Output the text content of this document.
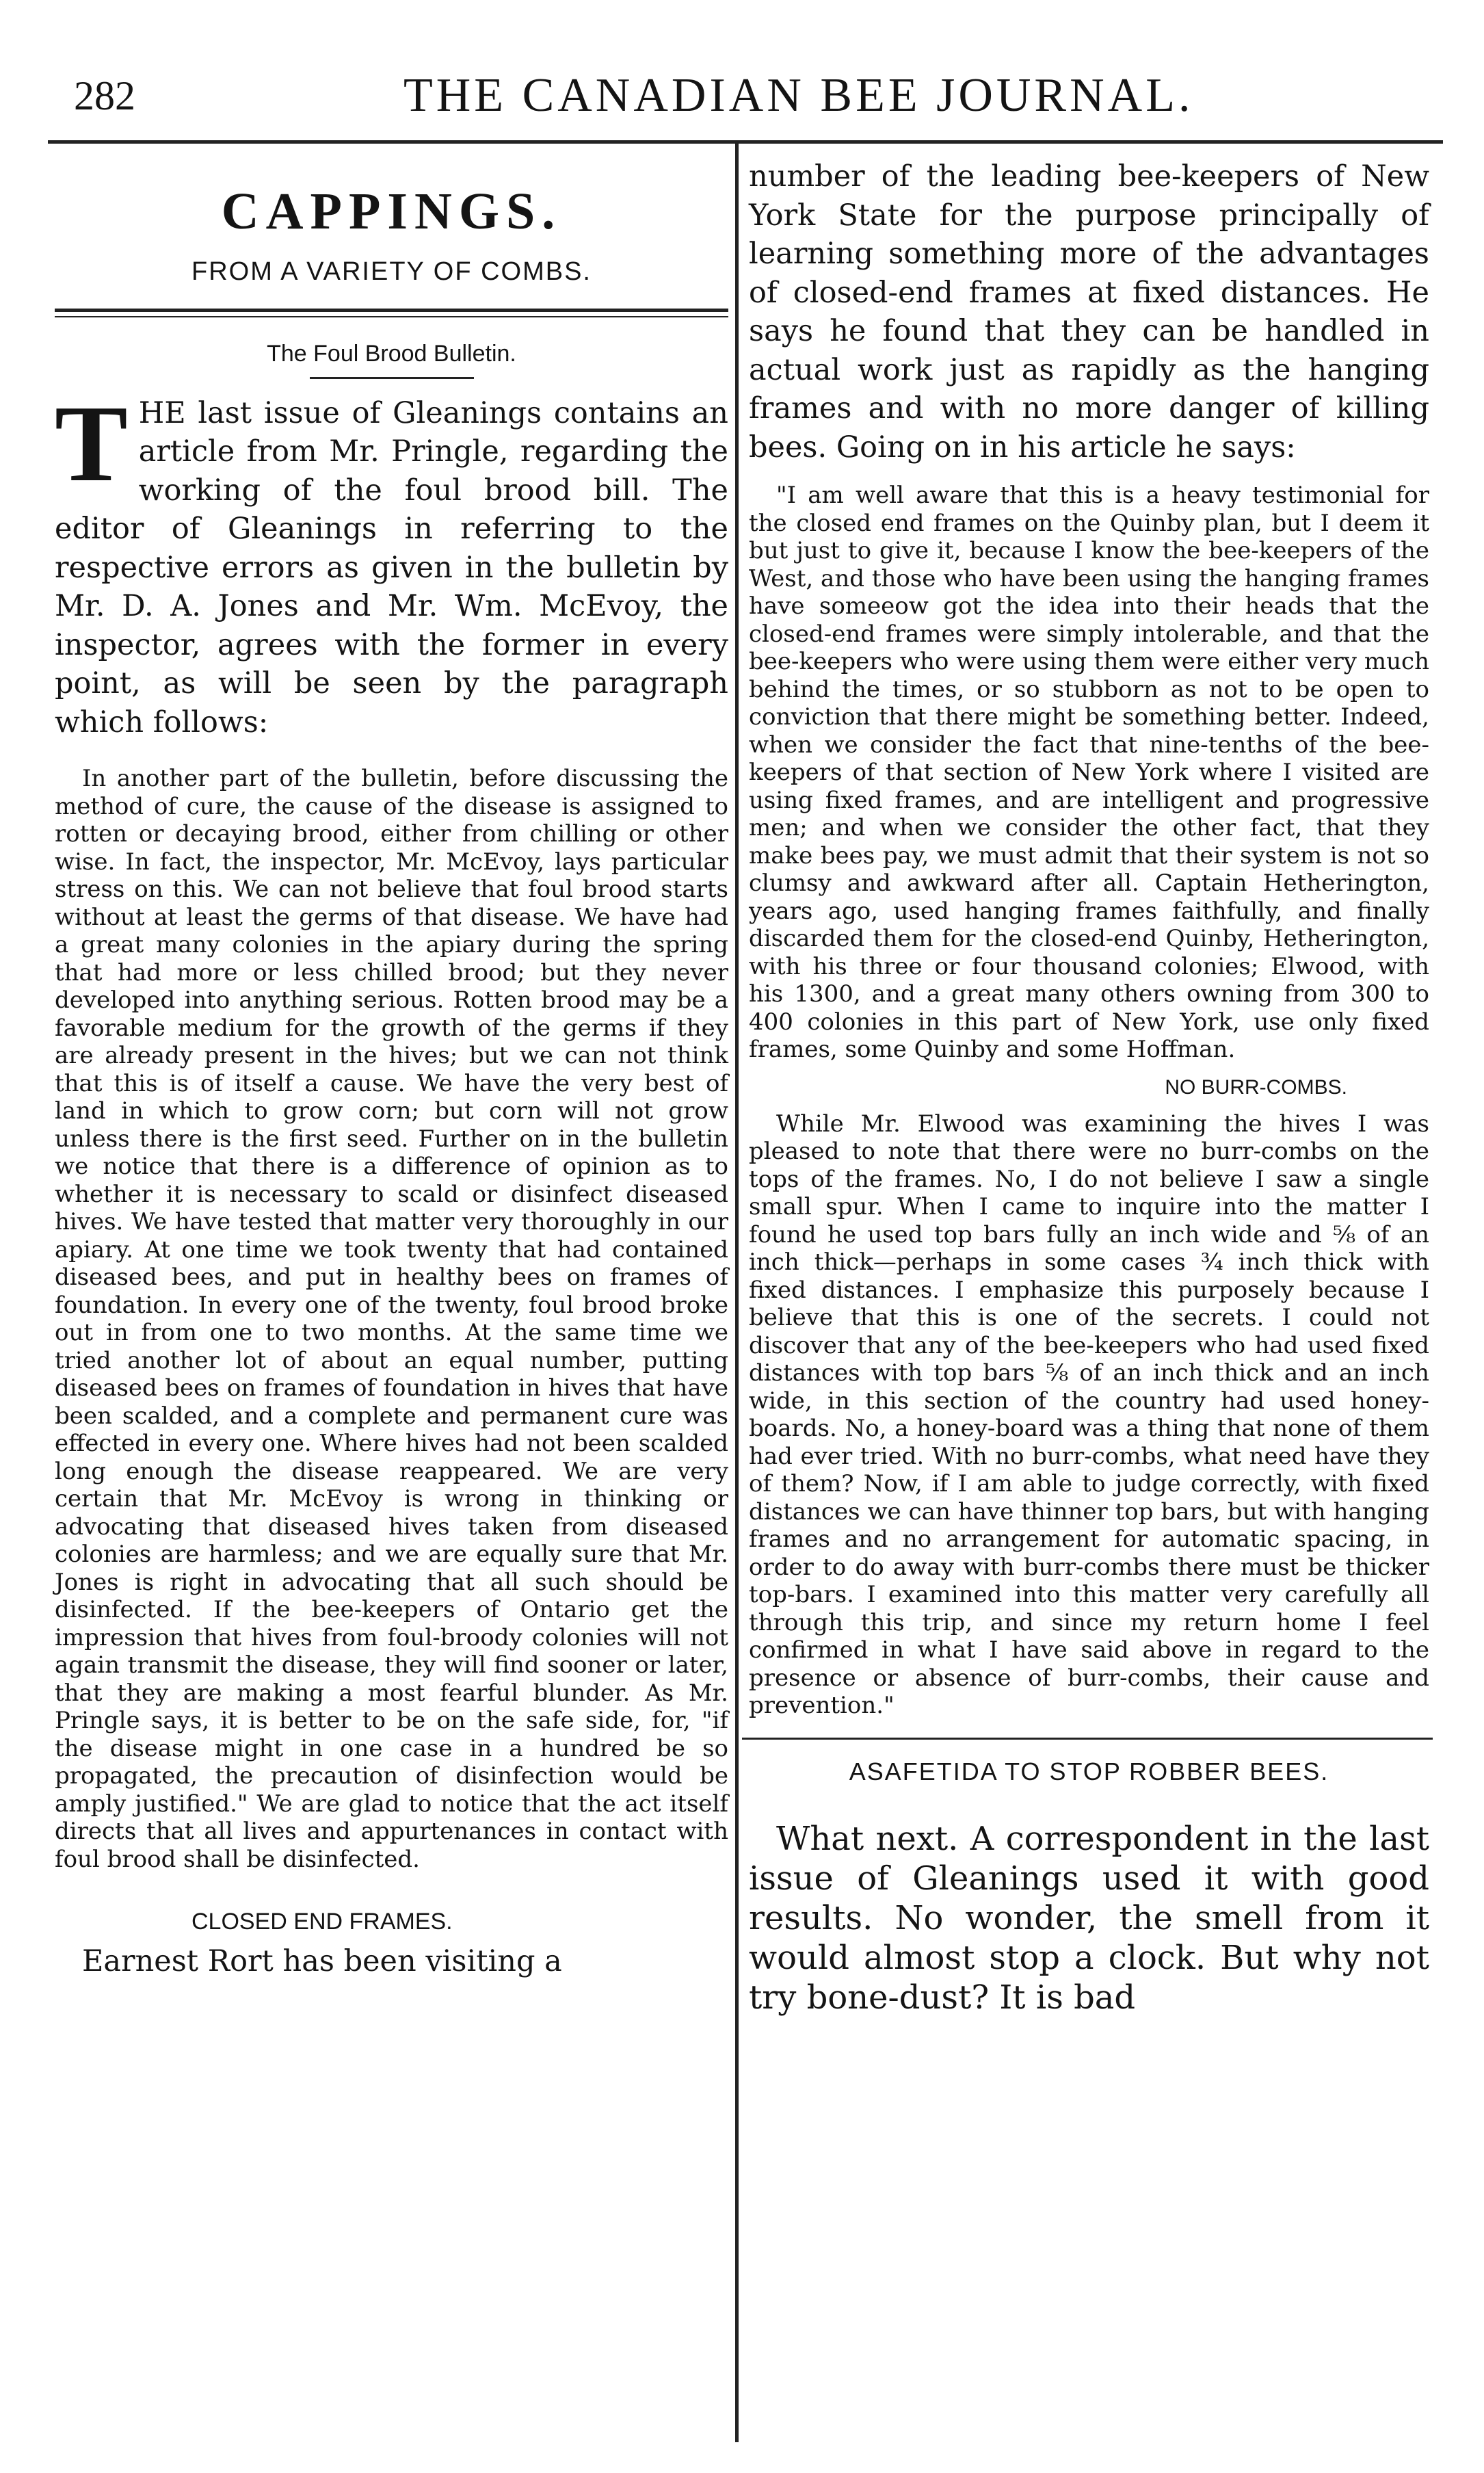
282	THE CANADIAN BEE JOURNAL.
CAPPINGS.
FROM A VARIETY OF COMBS.
The Foul Brood Bulletin.

THE last issue of Gleanings contains an article from Mr. Pringle, regarding the working of the foul brood bill. The editor of Gleanings in referring to the respective errors as given in the bulletin by Mr. D. A. Jones and Mr. Wm. McEvoy, the inspector, agrees with the former in every point, as will be seen by the paragraph which follows:

In another part of the bulletin, before discussing the method of cure, the cause of the disease is assigned to rotten or decaying brood, either from chilling or other wise. In fact, the inspector, Mr. McEvoy, lays particular stress on this. We can not believe that foul brood starts without at least the germs of that disease. We have had a great many colonies in the apiary during the spring that had more or less chilled brood; but they never developed into anything serious. Rotten brood may be a favorable medium for the growth of the germs if they are already present in the hives; but we can not think that this is of itself a cause. We have the very best of land in which to grow corn; but corn will not grow unless there is the first seed. Further on in the bulletin we notice that there is a difference of opinion as to whether it is necessary to scald or disinfect diseased hives. We have tested that matter very thoroughly in our apiary. At one time we took twenty that had contained diseased bees, and put in healthy bees on frames of foundation. In every one of the twenty, foul brood broke out in from one to two months. At the same time we tried another lot of about an equal number, putting diseased bees on frames of foundation in hives that have been scalded, and a complete and permanent cure was effected in every one. Where hives had not been scalded long enough the disease reappeared. We are very certain that Mr. McEvoy is wrong in thinking or advocating that diseased hives taken from diseased colonies are harmless; and we are equally sure that Mr. Jones is right in advocating that all such should be disinfected. If the bee-keepers of Ontario get the impression that hives from foul-broody colonies will not again transmit the disease, they will find sooner or later, that they are making a most fearful blunder. As Mr. Pringle says, it is better to be on the safe side, for, "if the disease might in one case in a hundred be so propagated, the precaution of disinfection would be amply justified." We are glad to notice that the act itself directs that all lives and appurtenances in contact with foul brood shall be disinfected.

CLOSED END FRAMES.

Earnest Rort has been visiting a

number of the leading bee-keepers of New York State for the purpose principally of learning something more of the advantages of closed-end frames at fixed distances. He says he found that they can be handled in actual work just as rapidly as the hanging frames and with no more danger of killing bees. Going on in his article he says:

"I am well aware that this is a heavy testimonial for the closed end frames on the Quinby plan, but I deem it but just to give it, because I know the bee-keepers of the West, and those who have been using the hanging frames have someeow got the idea into their heads that the closed-end frames were simply intolerable, and that the bee-keepers who were using them were either very much behind the times, or so stubborn as not to be open to conviction that there might be something better. Indeed, when we consider the fact that nine-tenths of the bee-keepers of that section of New York where I visited are using fixed frames, and are intelligent and progressive men; and when we consider the other fact, that they make bees pay, we must admit that their system is not so clumsy and awkward after all. Captain Hetherington, years ago, used hanging frames faithfully, and finally discarded them for the closed-end Quinby, Hetherington, with his three or four thousand colonies; Elwood, with his 1300, and a great many others owning from 300 to 400 colonies in this part of New York, use only fixed frames, some Quinby and some Hoffman.

NO BURR-COMBS.

While Mr. Elwood was examining the hives I was pleased to note that there were no burr-combs on the tops of the frames. No, I do not believe I saw a single small spur. When I came to inquire into the matter I found he used top bars fully an inch wide and ⅝ of an inch thick—perhaps in some cases ¾ inch thick with fixed distances. I emphasize this purposely because I believe that this is one of the secrets. I could not discover that any of the bee-keepers who had used fixed distances with top bars ⅝ of an inch thick and an inch wide, in this section of the country had used honey-boards. No, a honey-board was a thing that none of them had ever tried. With no burr-combs, what need have they of them? Now, if I am able to judge correctly, with fixed distances we can have thinner top bars, but with hanging frames and no arrangement for automatic spacing, in order to do away with burr-combs there must be thicker top-bars. I examined into this matter very carefully all through this trip, and since my return home I feel confirmed in what I have said above in regard to the presence or absence of burr-combs, their cause and prevention."

ASAFETIDA TO STOP ROBBER BEES.

What next. A correspondent in the last issue of Gleanings used it with good results. No wonder, the smell from it would almost stop a clock. But why not try bone-dust? It is bad
